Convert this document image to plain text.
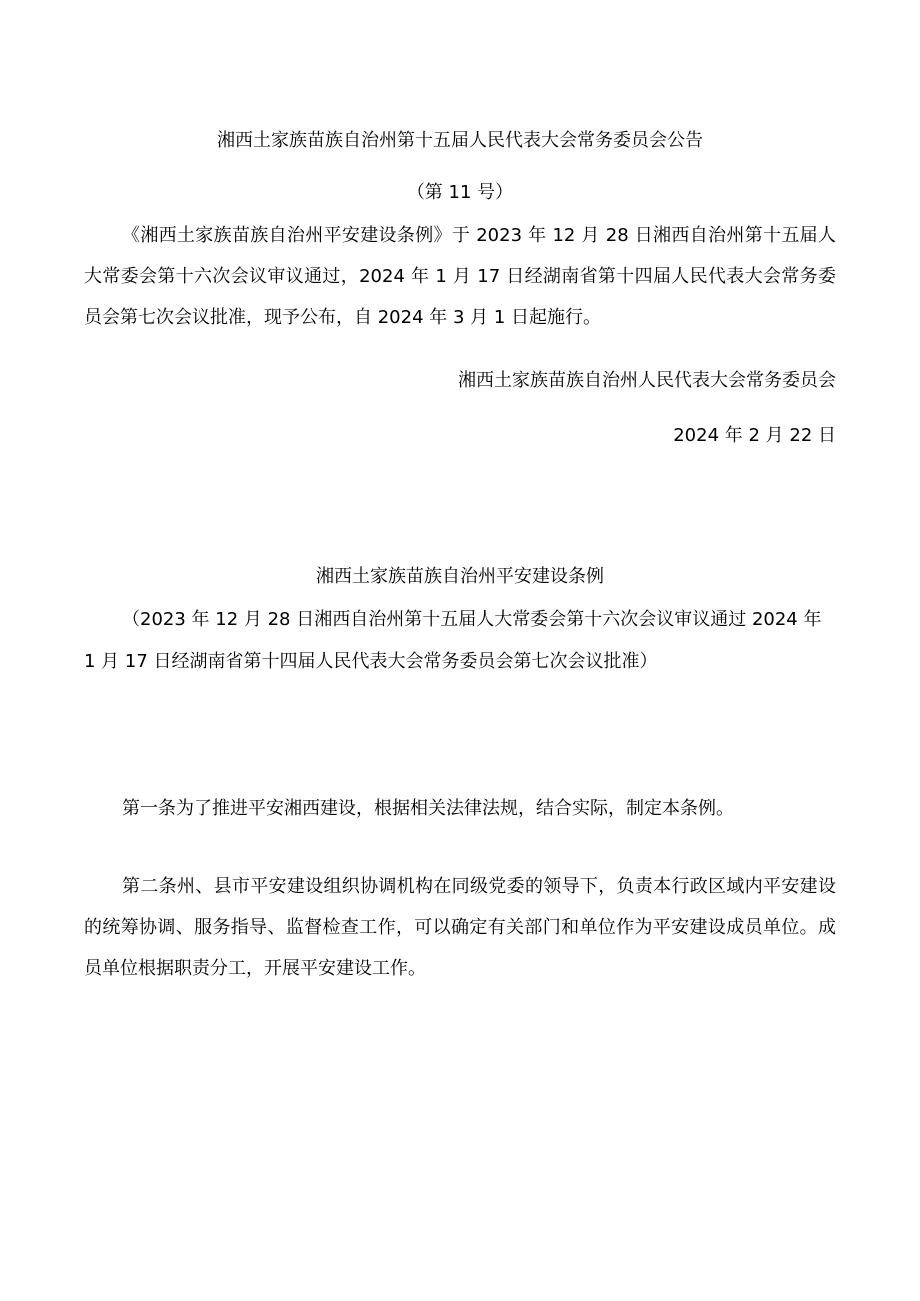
湘西土家族苗族自治州第十五届人民代表大会常务委员会公告
（第 11 号）
《湘西土家族苗族自治州平安建设条例》于 2023 年 12 月 28 日湘西自治州第十五届人大常委会第十六次会议审议通过，2024 年 1 月 17 日经湖南省第十四届人民代表大会常务委员会第七次会议批准，现予公布，自 2024 年 3 月 1 日起施行。
湘西土家族苗族自治州人民代表大会常务委员会
2024 年 2 月 22 日
湘西土家族苗族自治州平安建设条例
（2023 年 12 月 28 日湘西自治州第十五届人大常委会第十六次会议审议通过 2024 年 1 月 17 日经湖南省第十四届人民代表大会常务委员会第七次会议批准）
第一条为了推进平安湘西建设，根据相关法律法规，结合实际，制定本条例。
第二条州、县市平安建设组织协调机构在同级党委的领导下，负责本行政区域内平安建设的统筹协调、服务指导、监督检查工作，可以确定有关部门和单位作为平安建设成员单位。成员单位根据职责分工，开展平安建设工作。
